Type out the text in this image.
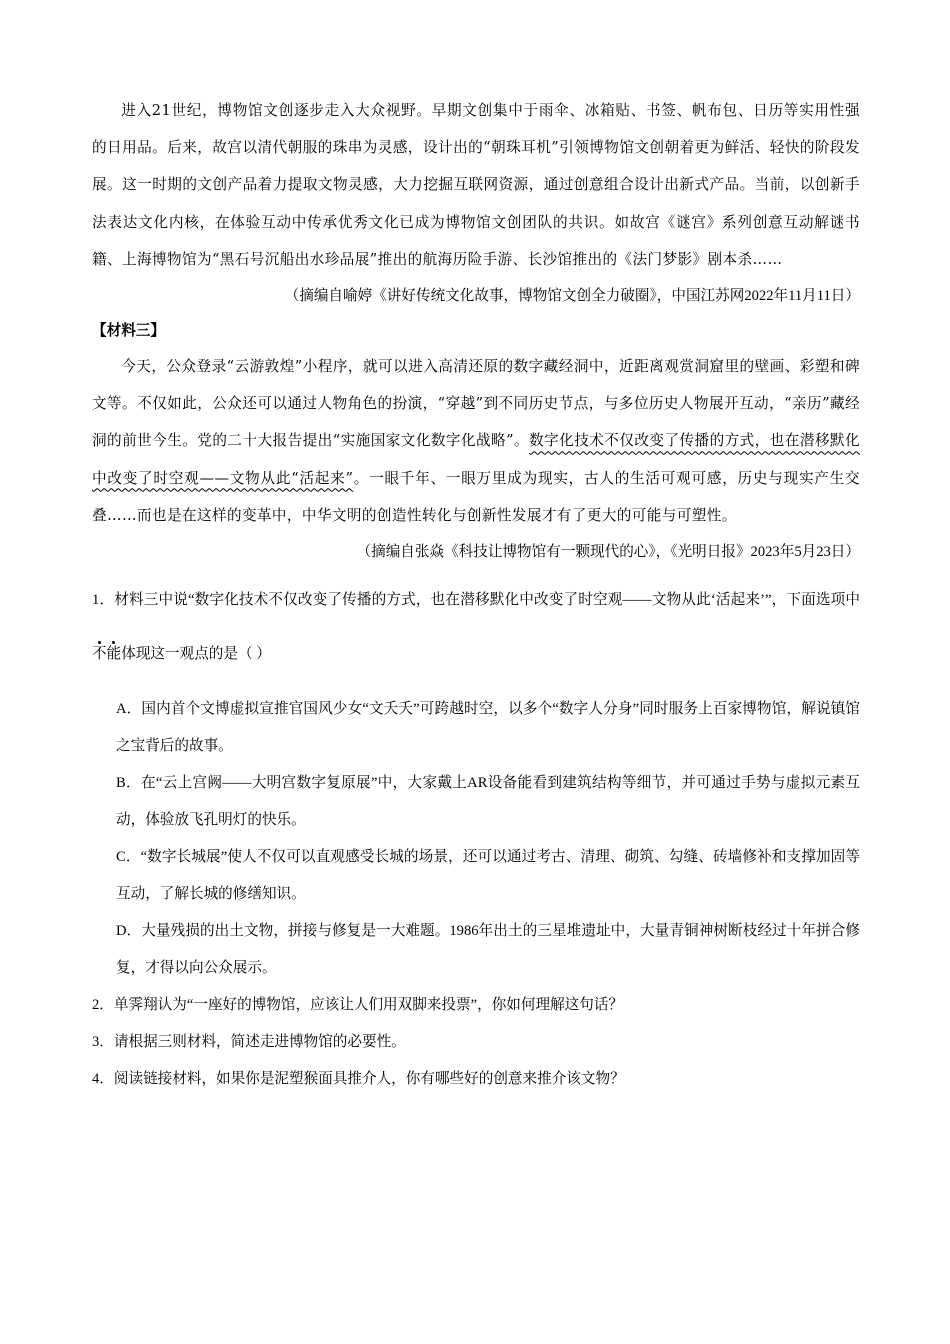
进入21世纪，博物馆文创逐步走入大众视野。早期文创集中于雨伞、冰箱贴、书签、帆布包、日历等实用性强的日用品。后来，故宫以清代朝服的珠串为灵感，设计出的“朝珠耳机”引领博物馆文创朝着更为鲜活、轻快的阶段发展。这一时期的文创产品着力提取文物灵感，大力挖掘互联网资源，通过创意组合设计出新式产品。当前，以创新手法表达文化内核，在体验互动中传承优秀文化已成为博物馆文创团队的共识。如故宫《谜宫》系列创意互动解谜书籍、上海博物馆为“黑石号沉船出水珍品展”推出的航海历险手游、长沙馆推出的《法门梦影》剧本杀……

（摘编自喻婷《讲好传统文化故事，博物馆文创全力破圈》，中国江苏网2022年11月11日）

【材料三】

今天，公众登录“云游敦煌”小程序，就可以进入高清还原的数字藏经洞中，近距离观赏洞窟里的壁画、彩塑和碑文等。不仅如此，公众还可以通过人物角色的扮演，“穿越”到不同历史节点，与多位历史人物展开互动，“亲历”藏经洞的前世今生。党的二十大报告提出“实施国家文化数字化战略”。数字化技术不仅改变了传播的方式，也在潜移默化中改变了时空观——文物从此“活起来”。一眼千年、一眼万里成为现实，古人的生活可观可感，历史与现实产生交叠……而也是在这样的变革中，中华文明的创造性转化与创新性发展才有了更大的可能与可塑性。

（摘编自张焱《科技让博物馆有一颗现代的心》，《光明日报》2023年5月23日）

1．材料三中说“数字化技术不仅改变了传播的方式，也在潜移默化中改变了时空观——文物从此‘活起来’”，下面选项中不能体现这一观点的是（ ）

A．国内首个文博虚拟宣推官国风少女“文夭夭”可跨越时空，以多个“数字人分身”同时服务上百家博物馆，解说镇馆之宝背后的故事。

B．在“云上宫阙——大明宫数字复原展”中，大家戴上AR设备能看到建筑结构等细节，并可通过手势与虚拟元素互动，体验放飞孔明灯的快乐。

C．“数字长城展”使人不仅可以直观感受长城的场景，还可以通过考古、清理、砌筑、勾缝、砖墙修补和支撑加固等互动，了解长城的修缮知识。

D．大量残损的出土文物，拼接与修复是一大难题。1986年出土的三星堆遗址中，大量青铜神树断枝经过十年拼合修复，才得以向公众展示。

2．单霁翔认为“一座好的博物馆，应该让人们用双脚来投票”，你如何理解这句话？

3．请根据三则材料，简述走进博物馆的必要性。

4．阅读链接材料，如果你是泥塑猴面具推介人，你有哪些好的创意来推介该文物？
